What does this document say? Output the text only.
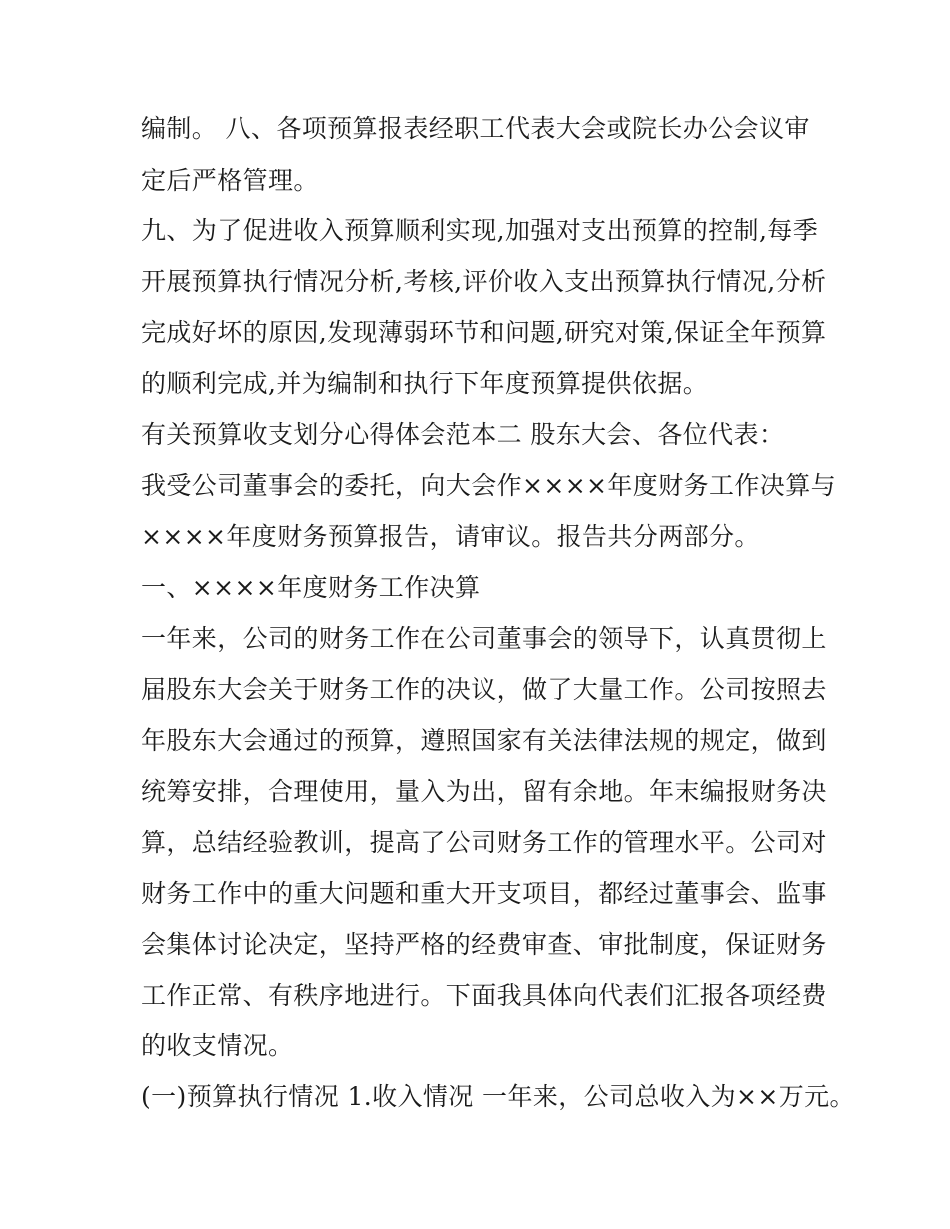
编制。 八、各项预算报表经职工代表大会或院长办公会议审
定后严格管理。
九、为了促进收入预算顺利实现,加强对支出预算的控制,每季
开展预算执行情况分析,考核,评价收入支出预算执行情况,分析
完成好坏的原因,发现薄弱环节和问题,研究对策,保证全年预算
的顺利完成,并为编制和执行下年度预算提供依据。
有关预算收支划分心得体会范本二 股东大会、各位代表：
我受公司董事会的委托，向大会作××××年度财务工作决算与
××××年度财务预算报告，请审议。报告共分两部分。
一、××××年度财务工作决算
一年来，公司的财务工作在公司董事会的领导下，认真贯彻上
届股东大会关于财务工作的决议，做了大量工作。公司按照去
年股东大会通过的预算，遵照国家有关法律法规的规定，做到
统筹安排，合理使用，量入为出，留有余地。年末编报财务决
算，总结经验教训，提高了公司财务工作的管理水平。公司对
财务工作中的重大问题和重大开支项目，都经过董事会、监事
会集体讨论决定，坚持严格的经费审查、审批制度，保证财务
工作正常、有秩序地进行。下面我具体向代表们汇报各项经费
的收支情况。
(一)预算执行情况 1.收入情况 一年来，公司总收入为××万元。
